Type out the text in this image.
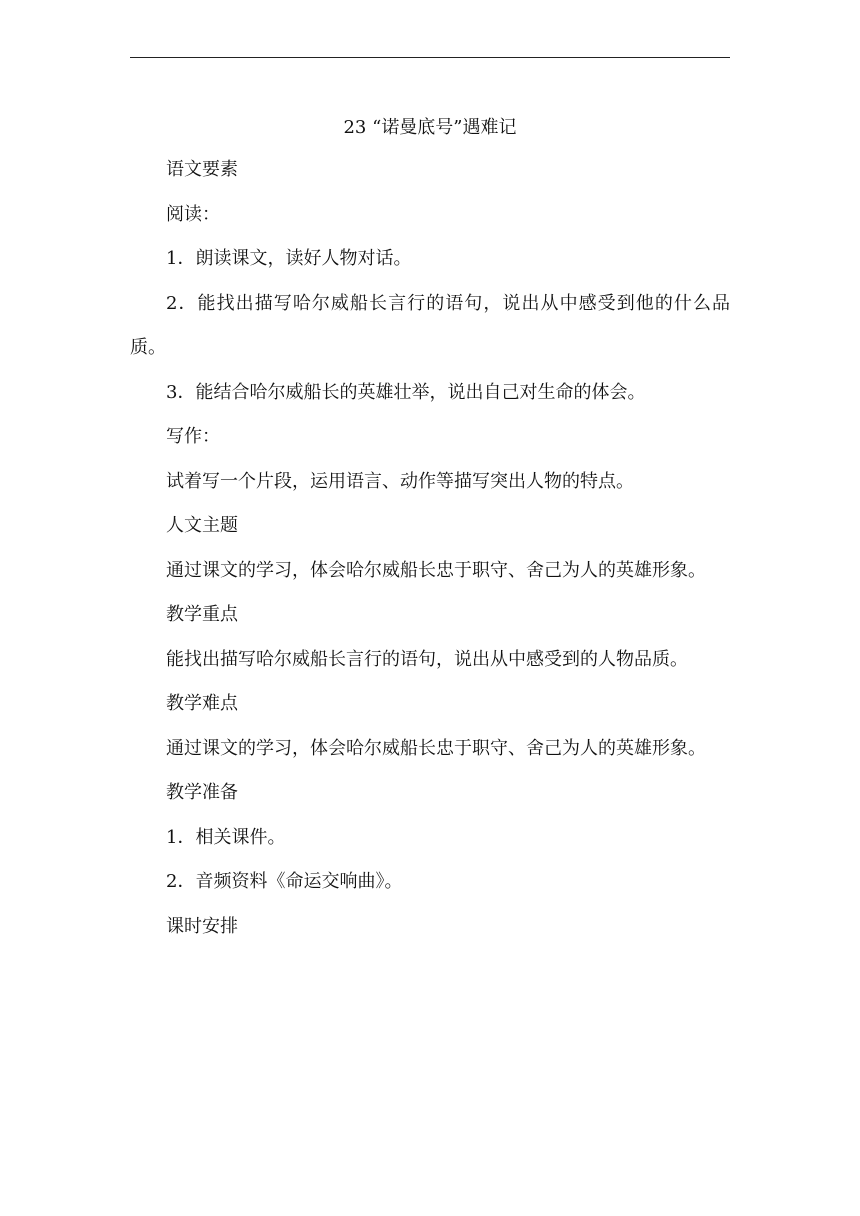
23 “诺曼底号”遇难记

语文要素

阅读：

1．朗读课文，读好人物对话。

2．能找出描写哈尔威船长言行的语句，说出从中感受到他的什么品质。

3．能结合哈尔威船长的英雄壮举，说出自己对生命的体会。

写作：

试着写一个片段，运用语言、动作等描写突出人物的特点。

人文主题

通过课文的学习，体会哈尔威船长忠于职守、舍己为人的英雄形象。

教学重点

能找出描写哈尔威船长言行的语句，说出从中感受到的人物品质。

教学难点

通过课文的学习，体会哈尔威船长忠于职守、舍己为人的英雄形象。

教学准备

1．相关课件。

2．音频资料《命运交响曲》。

课时安排
